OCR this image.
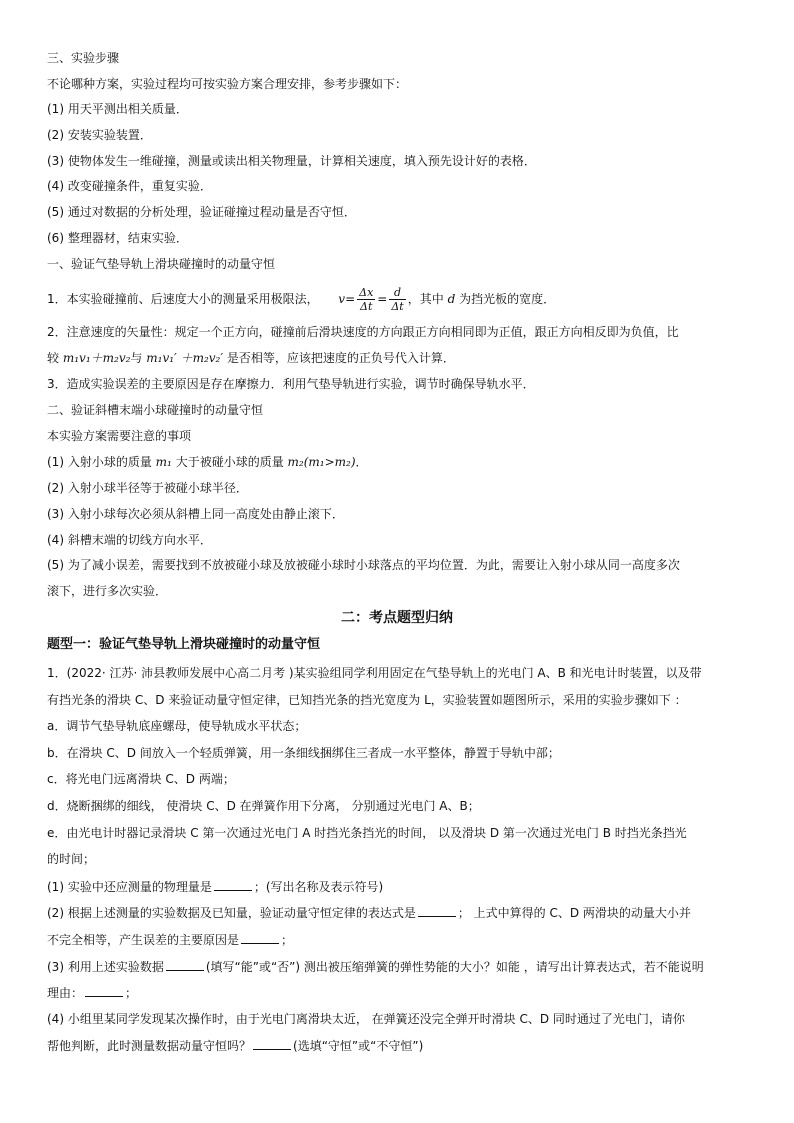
三、实验步骤
不论哪种方案，实验过程均可按实验方案合理安排，参考步骤如下：
(1) 用天平测出相关质量．
(2) 安装实验装置．
(3) 使物体发生一维碰撞，测量或读出相关物理量，计算相关速度，填入预先设计好的表格．
(4) 改变碰撞条件，重复实验．
(5) 通过对数据的分析处理，验证碰撞过程动量是否守恒．
(6) 整理器材，结束实验．
一、验证气垫导轨上滑块碰撞时的动量守恒
1．本实验碰撞前、后速度大小的测量采用极限法， $v= \frac{\Delta x}{\Delta t} = \frac{d}{\Delta t}$ ，其中 d 为挡光板的宽度．
2．注意速度的矢量性：规定一个正方向，碰撞前后滑块速度的方向跟正方向相同即为正值，跟正方向相反即为负值，比
较 m₁v₁＋m₂v₂与 m₁v₁′ ＋m₂v₂′ 是否相等，应该把速度的正负号代入计算．
3．造成实验误差的主要原因是存在摩擦力．利用气垫导轨进行实验，调节时确保导轨水平．
二、验证斜槽末端小球碰撞时的动量守恒
本实验方案需要注意的事项
(1) 入射小球的质量 m₁ 大于被碰小球的质量 m₂(m₁>m₂)．
(2) 入射小球半径等于被碰小球半径．
(3) 入射小球每次必须从斜槽上同一高度处由静止滚下．
(4) 斜槽末端的切线方向水平．
(5) 为了减小误差，需要找到不放被碰小球及放被碰小球时小球落点的平均位置．为此，需要让入射小球从同一高度多次
滚下，进行多次实验．
二：考点题型归纳
题型一：验证气垫导轨上滑块碰撞时的动量守恒
1．(2022· 江苏· 沛县教师发展中心高二月考 )某实验组同学利用固定在气垫导轨上的光电门 A、B 和光电计时装置，以及带
有挡光条的滑块 C、D 来验证动量守恒定律，已知挡光条的挡光宽度为 L，实验装置如题图所示，采用的实验步骤如下 ：
a．调节气垫导轨底座螺母，使导轨成水平状态；
b．在滑块 C、D 间放入一个轻质弹簧，用一条细线捆绑住三者成一水平整体，静置于导轨中部；
c．将光电门远离滑块 C、D 两端；
d．烧断捆绑的细线， 使滑块 C、D 在弹簧作用下分离， 分别通过光电门 A、B；
e．由光电计时器记录滑块 C 第一次通过光电门 A 时挡光条挡光的时间， 以及滑块 D 第一次通过光电门 B 时挡光条挡光
的时间；
(1) 实验中还应测量的物理量是	；(写出名称及表示符号)
(2) 根据上述测量的实验数据及已知量，验证动量守恒定律的表达式是	； 上式中算得的 C、D 两滑块的动量大小并
不完全相等，产生误差的主要原因是	；
(3) 利用上述实验数据	(填写“能”或“否”) 测出被压缩弹簧的弹性势能的大小？如能 ，请写出计算表达式，若不能说明
理由：	；
(4) 小组里某同学发现某次操作时，由于光电门离滑块太近， 在弹簧还没完全弹开时滑块 C、D 同时通过了光电门，请你
帮他判断，此时测量数据动量守恒吗？	(选填“守恒”或“不守恒”)
